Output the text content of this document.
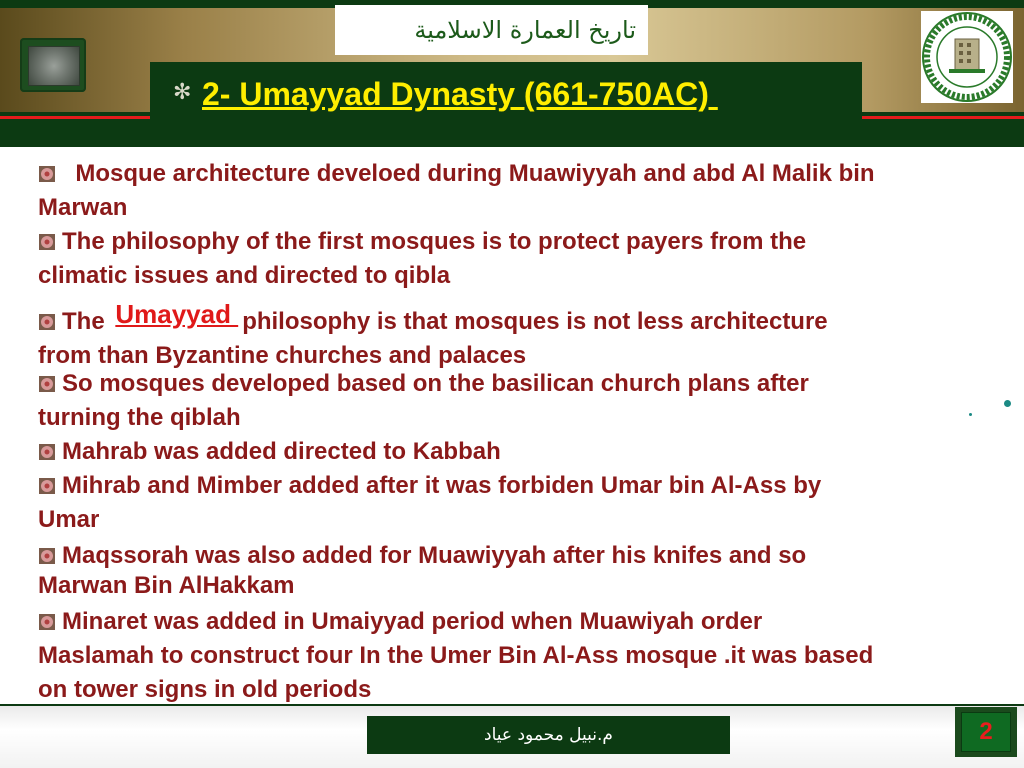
تاريخ العمارة الاسلامية
✻ 2- Umayyad Dynasty (661-750AC)
Mosque architecture develoed during Muawiyyah and abd Al Malik bin
Marwan
The philosophy of the first mosques is to protect payers from the
climatic issues and directed to qibla
The Umayyad philosophy is that mosques is not less architecture
from than Byzantine churches and palaces
So mosques developed based on the basilican church plans after
turning the qiblah
Mahrab was added directed to Kabbah
Mihrab and Mimber added after it was forbiden Umar bin Al-Ass by
Umar
Maqssorah was also added for Muawiyyah after his knifes and so
Marwan Bin AlHakkam
Minaret was added in Umaiyyad period when Muawiyah order
Maslamah to construct four In the Umer Bin Al-Ass mosque .it was based
on tower signs in old periods
م.نبيل محمود عياد	2
